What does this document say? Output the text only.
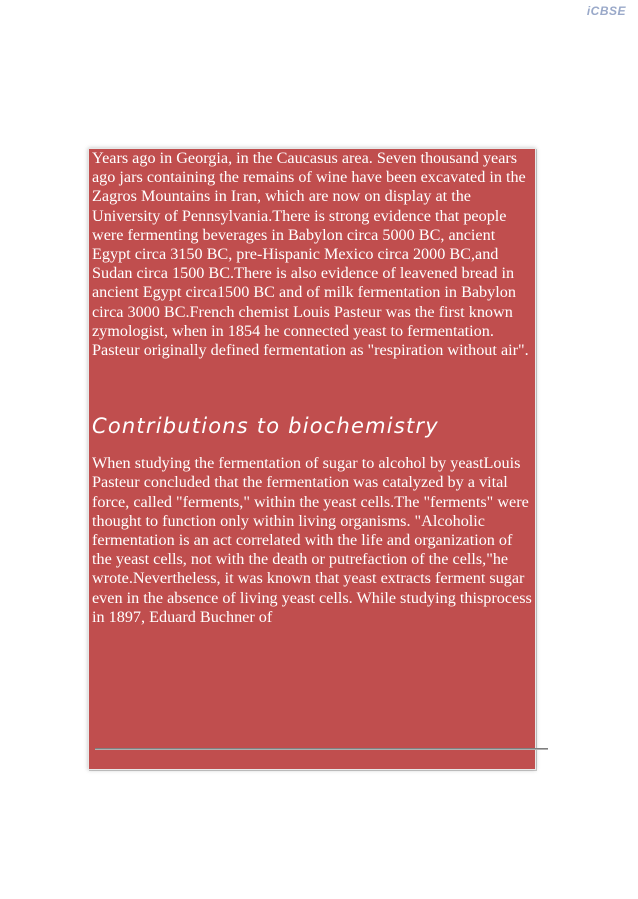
iCBSE

Years ago in Georgia, in the Caucasus area. Seven thousand years ago jars containing the remains of wine have been excavated in the Zagros Mountains in Iran, which are now on display at the University of Pennsylvania.There is strong evidence that people were fermenting beverages in Babylon circa 5000 BC, ancient Egypt circa 3150 BC, pre-Hispanic Mexico circa 2000 BC,and Sudan circa 1500 BC.There is also evidence of leavened bread in ancient Egypt circa1500 BC and of milk fermentation in Babylon circa 3000 BC.French chemist Louis Pasteur was the first known zymologist, when in 1854 he connected yeast to fermentation. Pasteur originally defined fermentation as "respiration without air".

Contributions to biochemistry

When studying the fermentation of sugar to alcohol by yeastLouis Pasteur concluded that the fermentation was catalyzed by a vital force, called "ferments," within the yeast cells.The "ferments" were thought to function only within living organisms. "Alcoholic fermentation is an act correlated with the life and organization of the yeast cells, not with the death or putrefaction of the cells,"he wrote.Nevertheless, it was known that yeast extracts ferment sugar even in the absence of living yeast cells. While studying thisprocess in 1897, Eduard Buchner of
